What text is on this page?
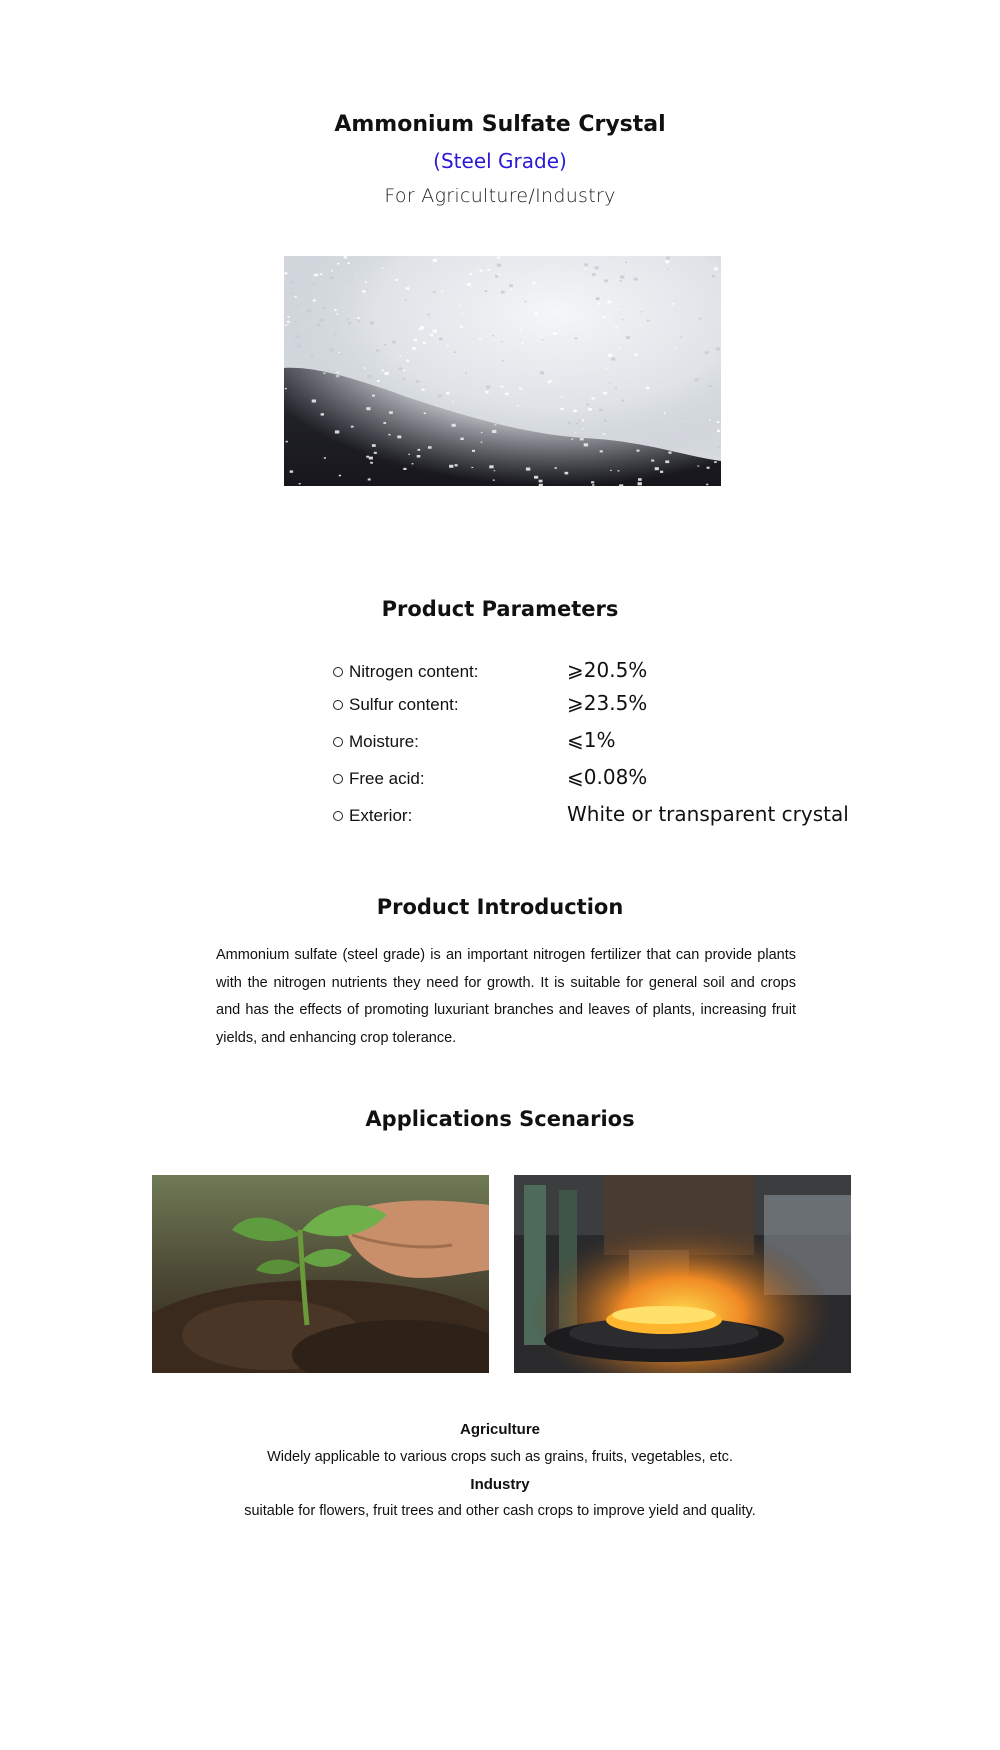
Ammonium Sulfate Crystal
(Steel Grade)
For Agriculture/Industry
Product Parameters
Nitrogen content:	⩾20.5%
Sulfur content:	⩾23.5%
Moisture:	⩽1%
Free acid:	⩽0.08%
Exterior:	White or transparent crystal
Product Introduction

Ammonium sulfate (steel grade) is an important nitrogen fertilizer that can provide plants with the nitrogen nutrients they need for growth. It is suitable for general soil and crops and has the effects of promoting luxuriant branches and leaves of plants, increasing fruit yields, and enhancing crop tolerance.

Applications Scenarios
Agriculture
Widely applicable to various crops such as grains, fruits, vegetables, etc.
Industry
suitable for flowers, fruit trees and other cash crops to improve yield and quality.
